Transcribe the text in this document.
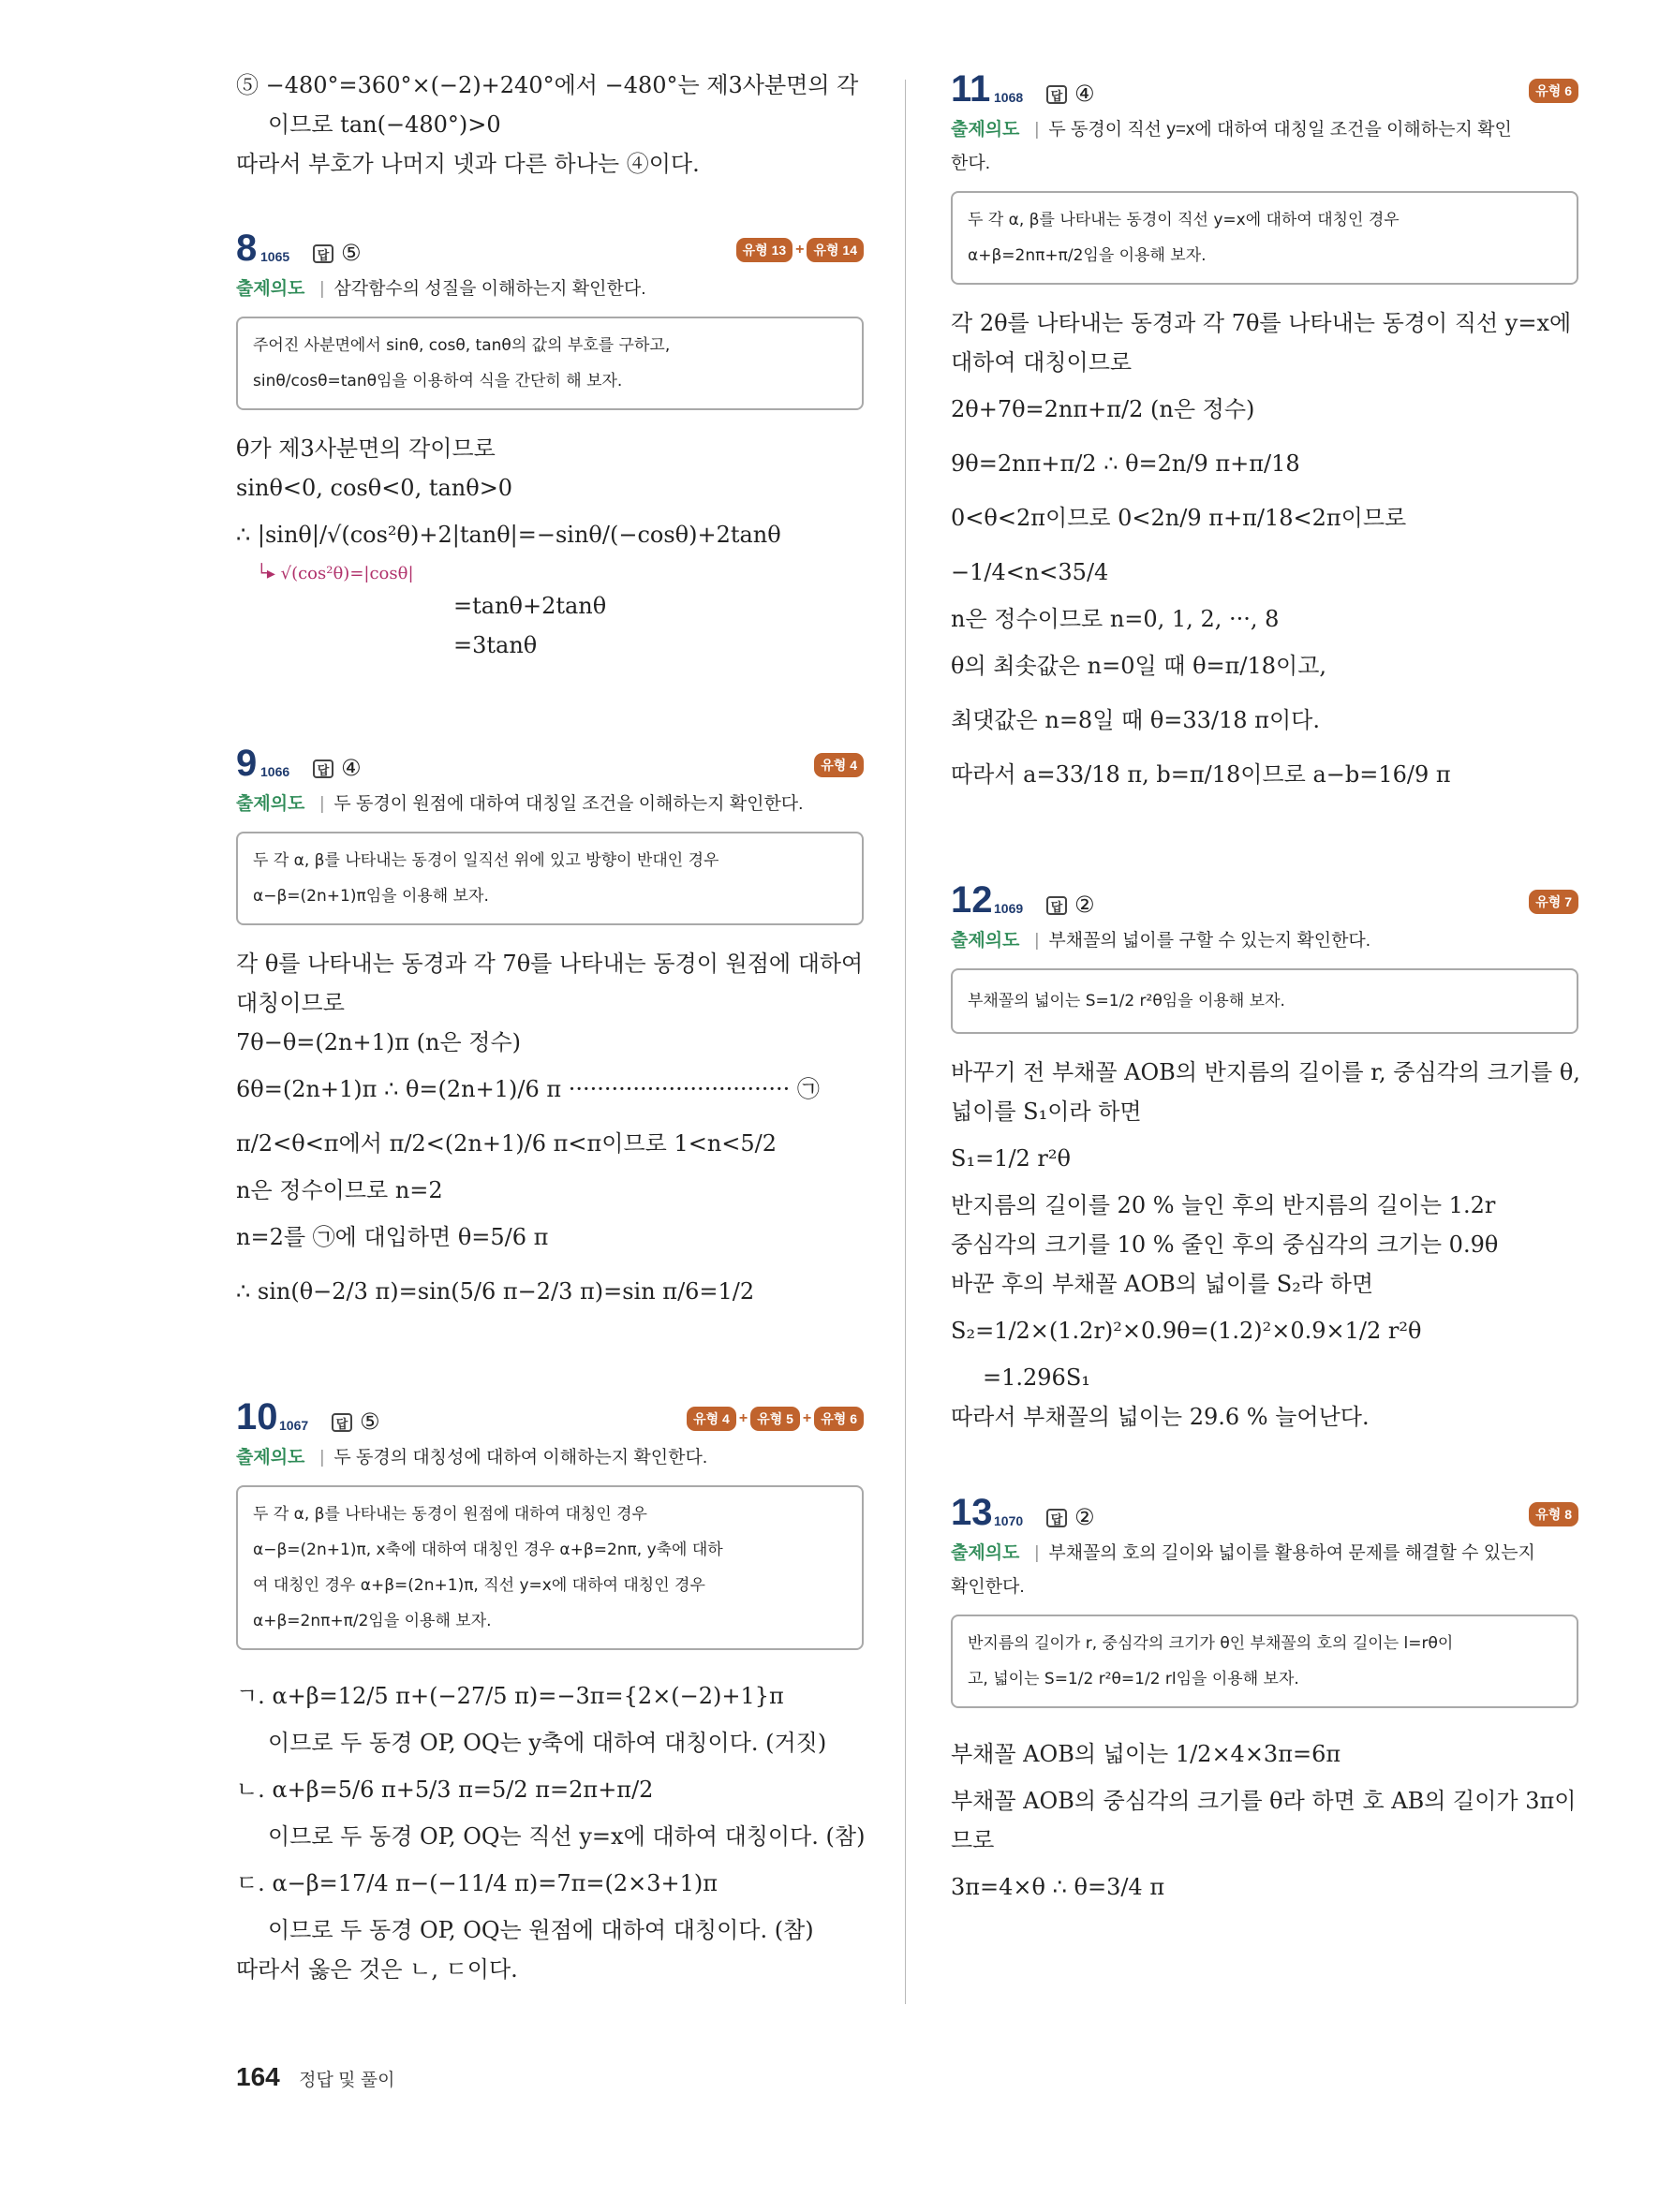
⑤ −480°=360°×(−2)+240°에서 −480°는 제3사분면의 각
이므로 tan(−480°)>0
따라서 부호가 나머지 넷과 다른 하나는 ④이다.
8 1065	답 ⑤	유형 13 + 유형 14
출제의도 | 삼각함수의 성질을 이해하는지 확인한다.
주어진 사분면에서 sinθ, cosθ, tanθ의 값의 부호를 구하고,
sinθ/cosθ=tanθ임을 이용하여 식을 간단히 해 보자.
θ가 제3사분면의 각이므로
sinθ<0, cosθ<0, tanθ>0
∴ |sinθ|/√(cos²θ)+2|tanθ|=−sinθ/(−cosθ)+2tanθ
└▸ √(cos²θ)=|cosθ|
=tanθ+2tanθ
=3tanθ
9 1066	답 ④	유형 4
출제의도 | 두 동경이 원점에 대하여 대칭일 조건을 이해하는지 확인한다.
두 각 α, β를 나타내는 동경이 일직선 위에 있고 방향이 반대인 경우
α−β=(2n+1)π임을 이용해 보자.
각 θ를 나타내는 동경과 각 7θ를 나타내는 동경이 원점에 대하여
대칭이므로
7θ−θ=(2n+1)π (n은 정수)
6θ=(2n+1)π ∴ θ=(2n+1)/6 π ······························· ㉠
π/2<θ<π에서 π/2<(2n+1)/6 π<π이므로 1<n<5/2
n은 정수이므로 n=2
n=2를 ㉠에 대입하면 θ=5/6 π
∴ sin(θ−2/3 π)=sin(5/6 π−2/3 π)=sin π/6=1/2
10 1067	답 ⑤	유형 4 + 유형 5 + 유형 6
출제의도 | 두 동경의 대칭성에 대하여 이해하는지 확인한다.
두 각 α, β를 나타내는 동경이 원점에 대하여 대칭인 경우
α−β=(2n+1)π, x축에 대하여 대칭인 경우 α+β=2nπ, y축에 대하
여 대칭인 경우 α+β=(2n+1)π, 직선 y=x에 대하여 대칭인 경우
α+β=2nπ+π/2임을 이용해 보자.
ㄱ. α+β=12/5 π+(−27/5 π)=−3π={2×(−2)+1}π
이므로 두 동경 OP, OQ는 y축에 대하여 대칭이다. (거짓)
ㄴ. α+β=5/6 π+5/3 π=5/2 π=2π+π/2
이므로 두 동경 OP, OQ는 직선 y=x에 대하여 대칭이다. (참)
ㄷ. α−β=17/4 π−(−11/4 π)=7π=(2×3+1)π
이므로 두 동경 OP, OQ는 원점에 대하여 대칭이다. (참)
따라서 옳은 것은 ㄴ, ㄷ이다.
11 1068	답 ④	유형 6
출제의도 | 두 동경이 직선 y=x에 대하여 대칭일 조건을 이해하는지 확인
한다.
두 각 α, β를 나타내는 동경이 직선 y=x에 대하여 대칭인 경우
α+β=2nπ+π/2임을 이용해 보자.
각 2θ를 나타내는 동경과 각 7θ를 나타내는 동경이 직선 y=x에
대하여 대칭이므로
2θ+7θ=2nπ+π/2 (n은 정수)
9θ=2nπ+π/2 ∴ θ=2n/9 π+π/18
0<θ<2π이므로 0<2n/9 π+π/18<2π이므로
−1/4<n<35/4
n은 정수이므로 n=0, 1, 2, ···, 8
θ의 최솟값은 n=0일 때 θ=π/18이고,
최댓값은 n=8일 때 θ=33/18 π이다.
따라서 a=33/18 π, b=π/18이므로 a−b=16/9 π
12 1069	답 ②	유형 7
출제의도 | 부채꼴의 넓이를 구할 수 있는지 확인한다.
부채꼴의 넓이는 S=1/2 r²θ임을 이용해 보자.
바꾸기 전 부채꼴 AOB의 반지름의 길이를 r, 중심각의 크기를 θ,
넓이를 S₁이라 하면
S₁=1/2 r²θ
반지름의 길이를 20 % 늘인 후의 반지름의 길이는 1.2r
중심각의 크기를 10 % 줄인 후의 중심각의 크기는 0.9θ
바꾼 후의 부채꼴 AOB의 넓이를 S₂라 하면
S₂=1/2×(1.2r)²×0.9θ=(1.2)²×0.9×1/2 r²θ
=1.296S₁
따라서 부채꼴의 넓이는 29.6 % 늘어난다.
13 1070	답 ②	유형 8
출제의도 | 부채꼴의 호의 길이와 넓이를 활용하여 문제를 해결할 수 있는지
확인한다.
반지름의 길이가 r, 중심각의 크기가 θ인 부채꼴의 호의 길이는 l=rθ이
고, 넓이는 S=1/2 r²θ=1/2 rl임을 이용해 보자.
부채꼴 AOB의 넓이는 1/2×4×3π=6π
부채꼴 AOB의 중심각의 크기를 θ라 하면 호 AB의 길이가 3π이
므로
3π=4×θ ∴ θ=3/4 π
164 정답 및 풀이
